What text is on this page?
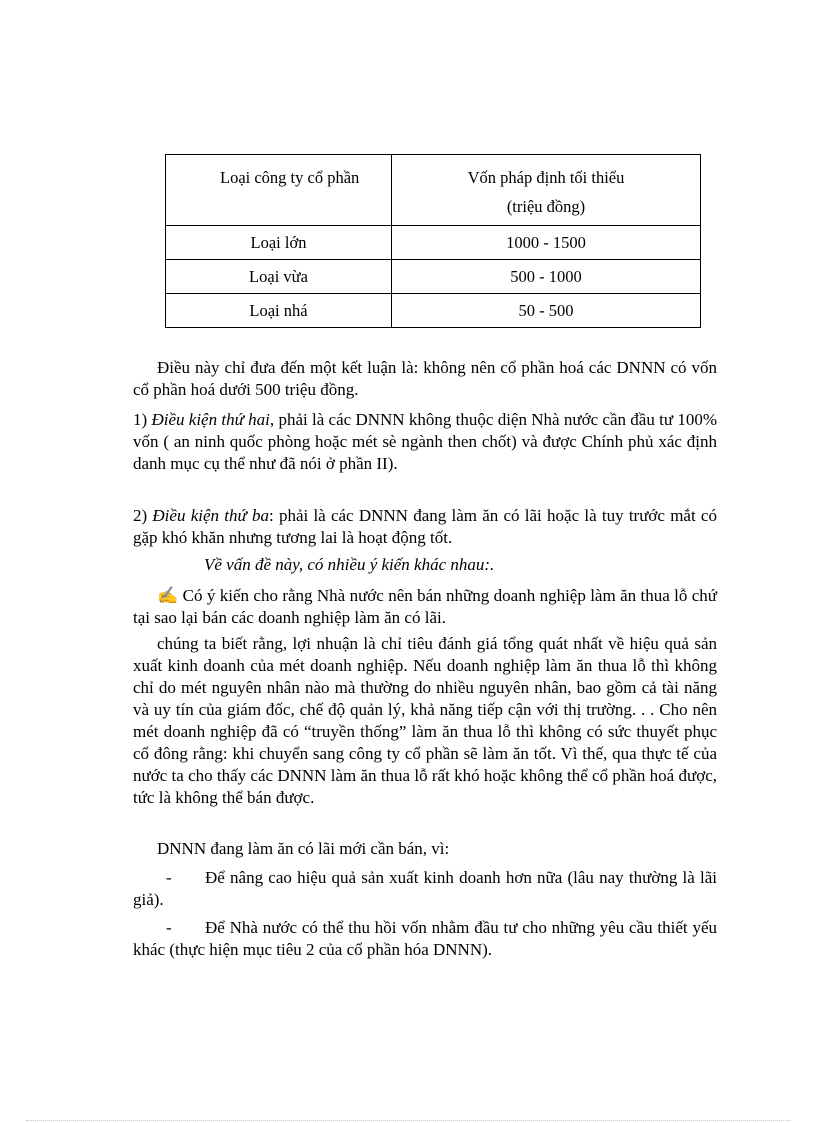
Loại công ty cổ phần	Vốn pháp định tối thiểu
(triệu đồng)

Loại lớn	1000 - 1500
Loại vừa	500 - 1000
Loại nhá	50 - 500

Điều này chỉ đưa đến một kết luận là: không nên cổ phần hoá các DNNN có vốn cổ phần hoá dưới 500 triệu đồng.

1) Điều kiện thứ hai, phải là các DNNN không thuộc diện Nhà nước cần đầu tư 100% vốn ( an ninh quốc phòng hoặc mét sè ngành then chốt) và được Chính phủ xác định danh mục cụ thể như đã nói ở phần II).

2) Điều kiện thứ ba: phải là các DNNN đang làm ăn có lãi hoặc là tuy trước mắt có gặp khó khăn nhưng tương lai là hoạt động tốt.

Về vấn đề này, có nhiều ý kiến khác nhau:.

✍ Có ý kiến cho rằng Nhà nước nên bán những doanh nghiệp làm ăn thua lỗ chứ tại sao lại bán các doanh nghiệp làm ăn có lãi.

chúng ta biết rằng, lợi nhuận là chỉ tiêu đánh giá tổng quát nhất về hiệu quả sản xuất kinh doanh của mét doanh nghiệp. Nếu doanh nghiệp làm ăn thua lỗ thì không chỉ do mét nguyên nhân nào mà thường do nhiều nguyên nhân, bao gồm cả tài năng và uy tín của giám đốc, chế độ quản lý, khả năng tiếp cận với thị trường. . . Cho nên mét doanh nghiệp đã có “truyền thống” làm ăn thua lỗ thì không có sức thuyết phục cổ đông rằng: khi chuyển sang công ty cổ phần sẽ làm ăn tốt. Vì thế, qua thực tế của nước ta cho thấy các DNNN làm ăn thua lỗ rất khó hoặc không thể cổ phần hoá được, tức là không thể bán được.

DNNN đang làm ăn có lãi mới cần bán, vì:

- Để nâng cao hiệu quả sản xuất kinh doanh hơn nữa (lâu nay thường là lãi giả).

- Để Nhà nước có thể thu hồi vốn nhằm đầu tư cho những yêu cầu thiết yếu khác (thực hiện mục tiêu 2 của cổ phần hóa DNNN).
